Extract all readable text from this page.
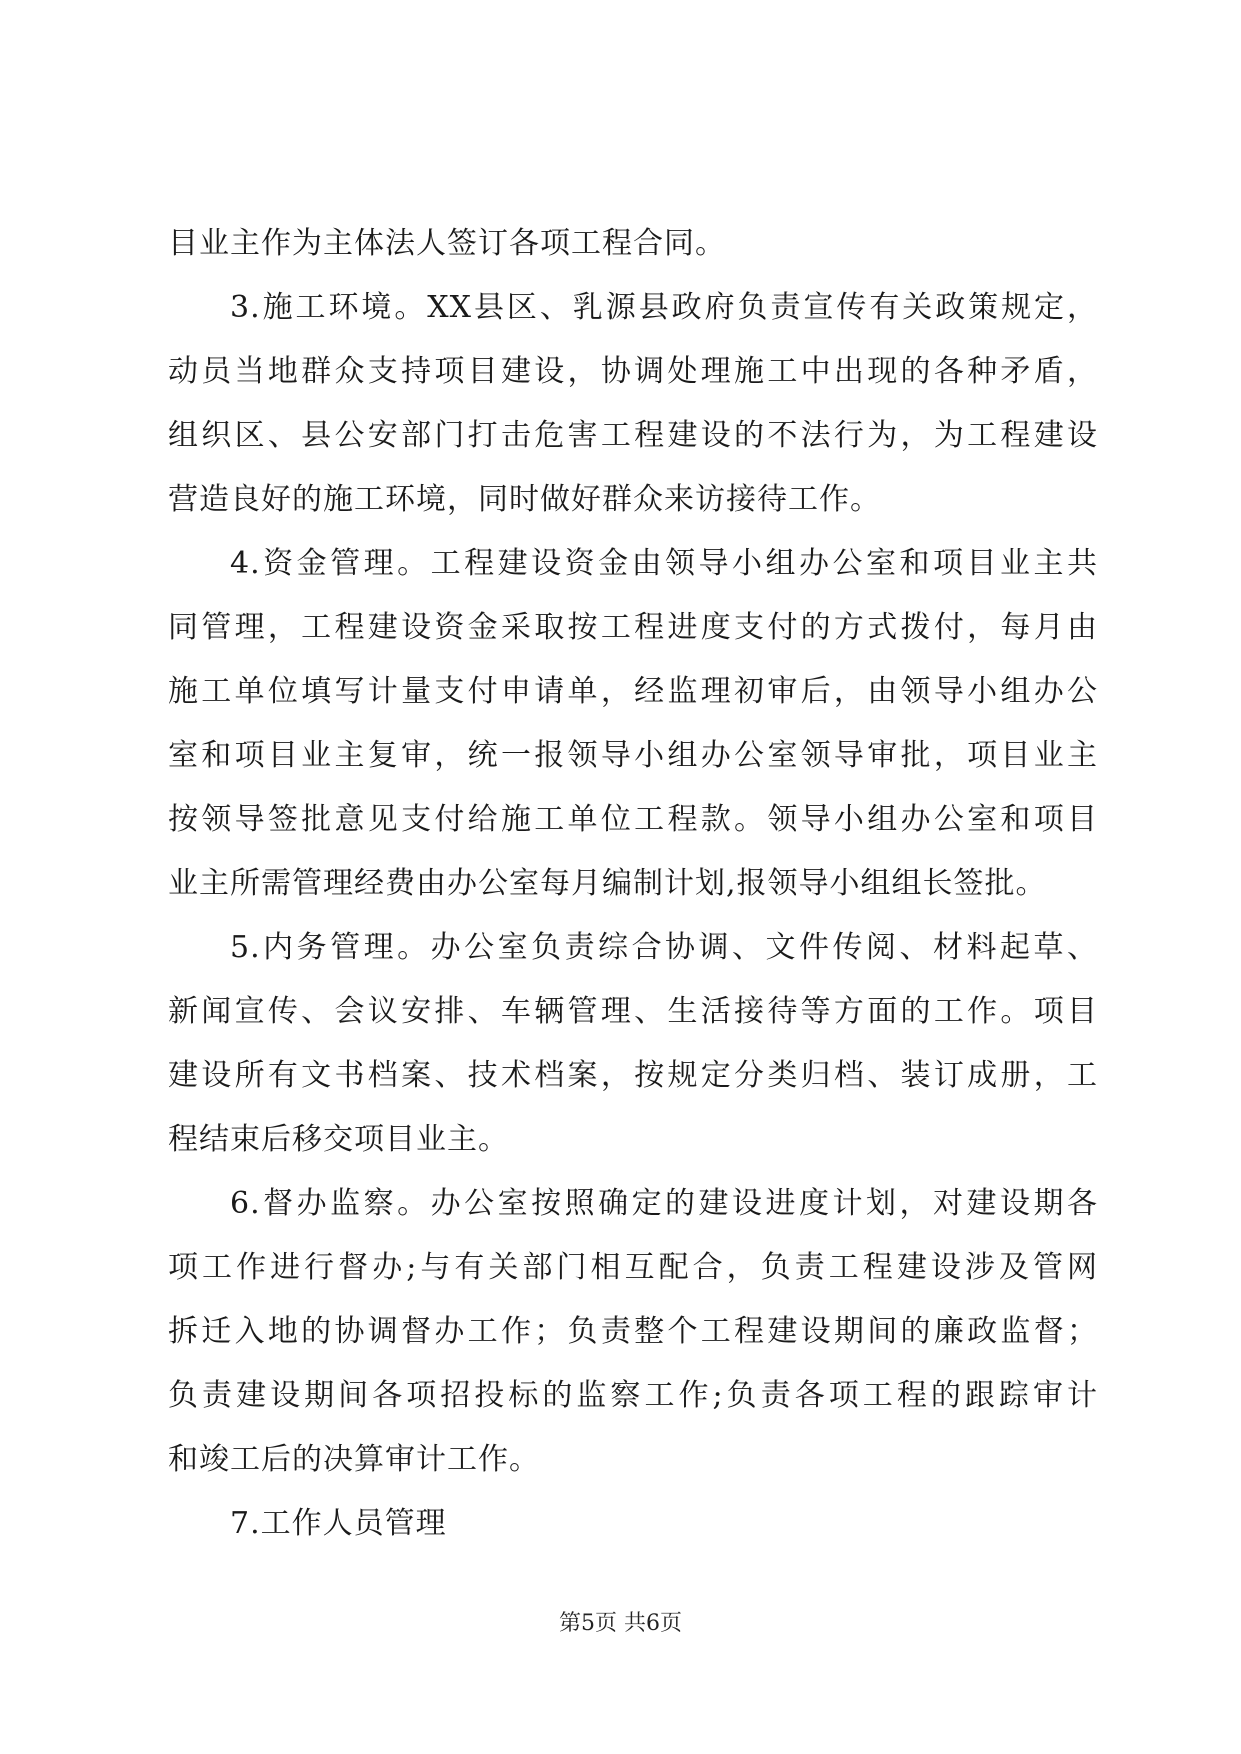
目业主作为主体法人签订各项工程合同。
3.施工环境。XX县区、乳源县政府负责宣传有关政策规定，
动员当地群众支持项目建设，协调处理施工中出现的各种矛盾，
组织区、县公安部门打击危害工程建设的不法行为，为工程建设
营造良好的施工环境，同时做好群众来访接待工作。
4.资金管理。工程建设资金由领导小组办公室和项目业主共
同管理，工程建设资金采取按工程进度支付的方式拨付，每月由
施工单位填写计量支付申请单，经监理初审后，由领导小组办公
室和项目业主复审，统一报领导小组办公室领导审批，项目业主
按领导签批意见支付给施工单位工程款。领导小组办公室和项目
业主所需管理经费由办公室每月编制计划,报领导小组组长签批。
5.内务管理。办公室负责综合协调、文件传阅、材料起草、
新闻宣传、会议安排、车辆管理、生活接待等方面的工作。项目
建设所有文书档案、技术档案，按规定分类归档、装订成册，工
程结束后移交项目业主。
6.督办监察。办公室按照确定的建设进度计划，对建设期各
项工作进行督办;与有关部门相互配合，负责工程建设涉及管网
拆迁入地的协调督办工作；负责整个工程建设期间的廉政监督；
负责建设期间各项招投标的监察工作;负责各项工程的跟踪审计
和竣工后的决算审计工作。
7.工作人员管理
第5页 共6页
